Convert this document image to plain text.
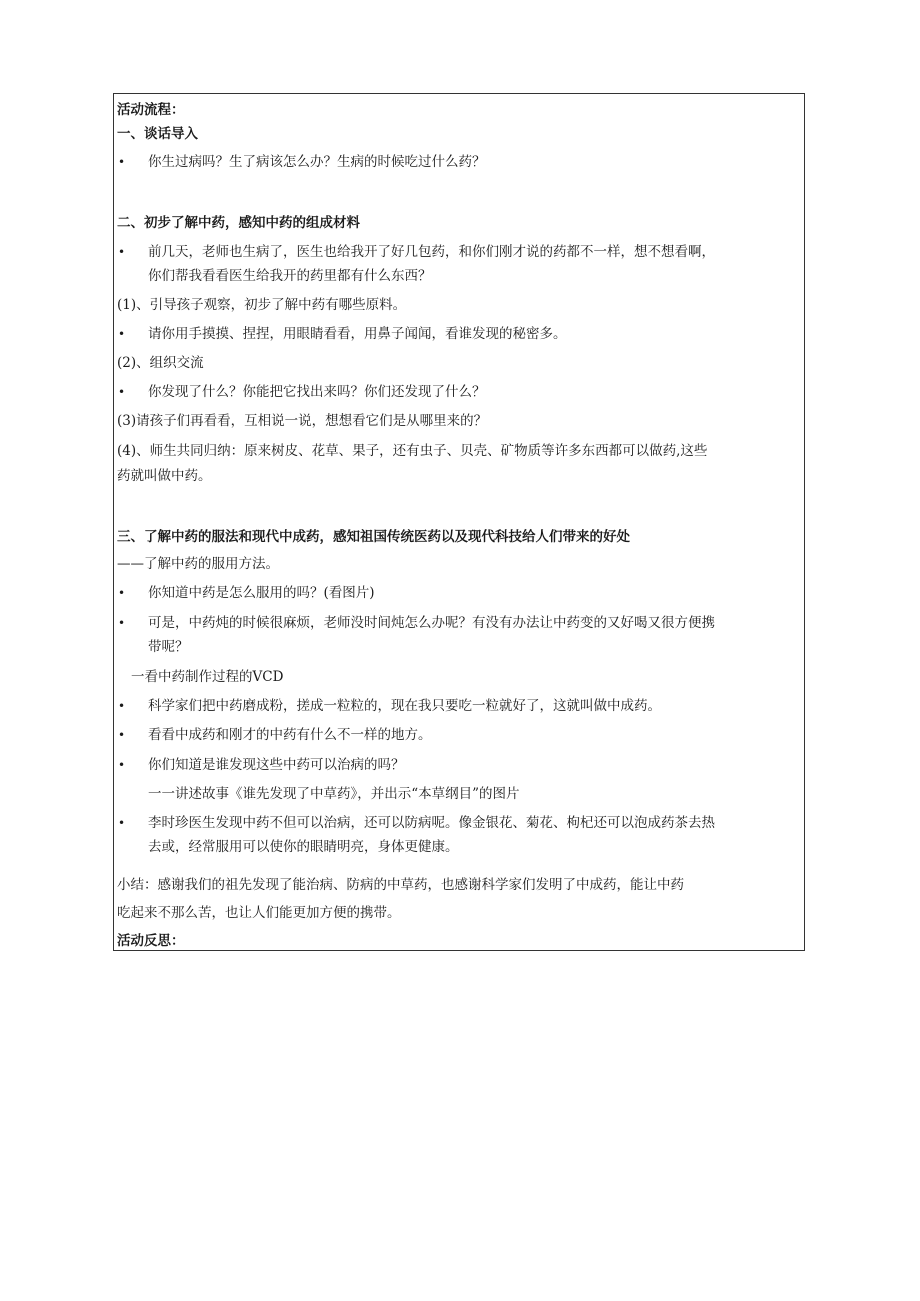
活动流程：
一、谈话导入
• 你生过病吗？生了病该怎么办？生病的时候吃过什么药？
二、初步了解中药，感知中药的组成材料
• 前几天，老师也生病了，医生也给我开了好几包药，和你们刚才说的药都不一样，想不想看啊，
你们帮我看看医生给我开的药里都有什么东西？
(1)、引导孩子观察，初步了解中药有哪些原料。
• 请你用手摸摸、捏捏，用眼睛看看，用鼻子闻闻，看谁发现的秘密多。
(2)、组织交流
• 你发现了什么？你能把它找出来吗？你们还发现了什么？
(3)请孩子们再看看，互相说一说，想想看它们是从哪里来的？
(4)、师生共同归纳：原来树皮、花草、果子，还有虫子、贝壳、矿物质等许多东西都可以做药,这些
药就叫做中药。
三、了解中药的服法和现代中成药，感知祖国传统医药以及现代科技给人们带来的好处
——了解中药的服用方法。
• 你知道中药是怎么服用的吗？(看图片)
• 可是，中药炖的时候很麻烦，老师没时间炖怎么办呢？有没有办法让中药变的又好喝又很方便携
带呢？
一看中药制作过程的VCD
• 科学家们把中药磨成粉，搓成一粒粒的，现在我只要吃一粒就好了，这就叫做中成药。
• 看看中成药和刚才的中药有什么不一样的地方。
• 你们知道是谁发现这些中药可以治病的吗？
一一讲述故事《谁先发现了中草药》，并出示“本草纲目”的图片
• 李时珍医生发现中药不但可以治病，还可以防病呢。像金银花、菊花、枸杞还可以泡成药茶去热
去或，经常服用可以使你的眼睛明亮，身体更健康。
小结：感谢我们的祖先发现了能治病、防病的中草药，也感谢科学家们发明了中成药，能让中药
吃起来不那么苦，也让人们能更加方便的携带。
活动反思：
